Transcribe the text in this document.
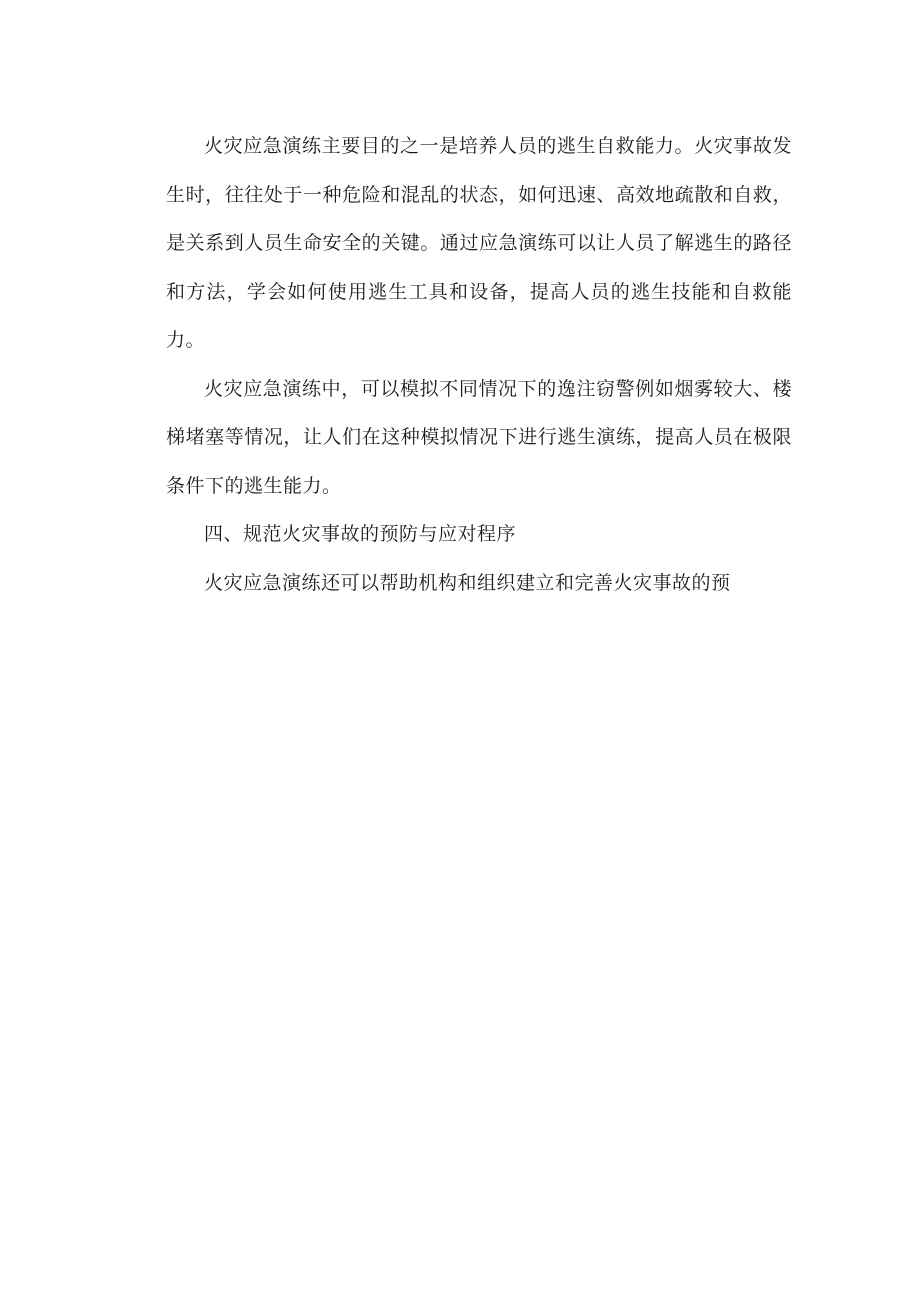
火灾应急演练主要目的之一是培养人员的逃生自救能力。火灾事故发生时，往往处于一种危险和混乱的状态，如何迅速、高效地疏散和自救，是关系到人员生命安全的关键。通过应急演练可以让人员了解逃生的路径和方法，学会如何使用逃生工具和设备，提高人员的逃生技能和自救能力。

火灾应急演练中，可以模拟不同情况下的逸注窃警例如烟雾较大、楼梯堵塞等情况，让人们在这种模拟情况下进行逃生演练，提高人员在极限条件下的逃生能力。

四、规范火灾事故的预防与应对程序

火灾应急演练还可以帮助机构和组织建立和完善火灾事故的预
